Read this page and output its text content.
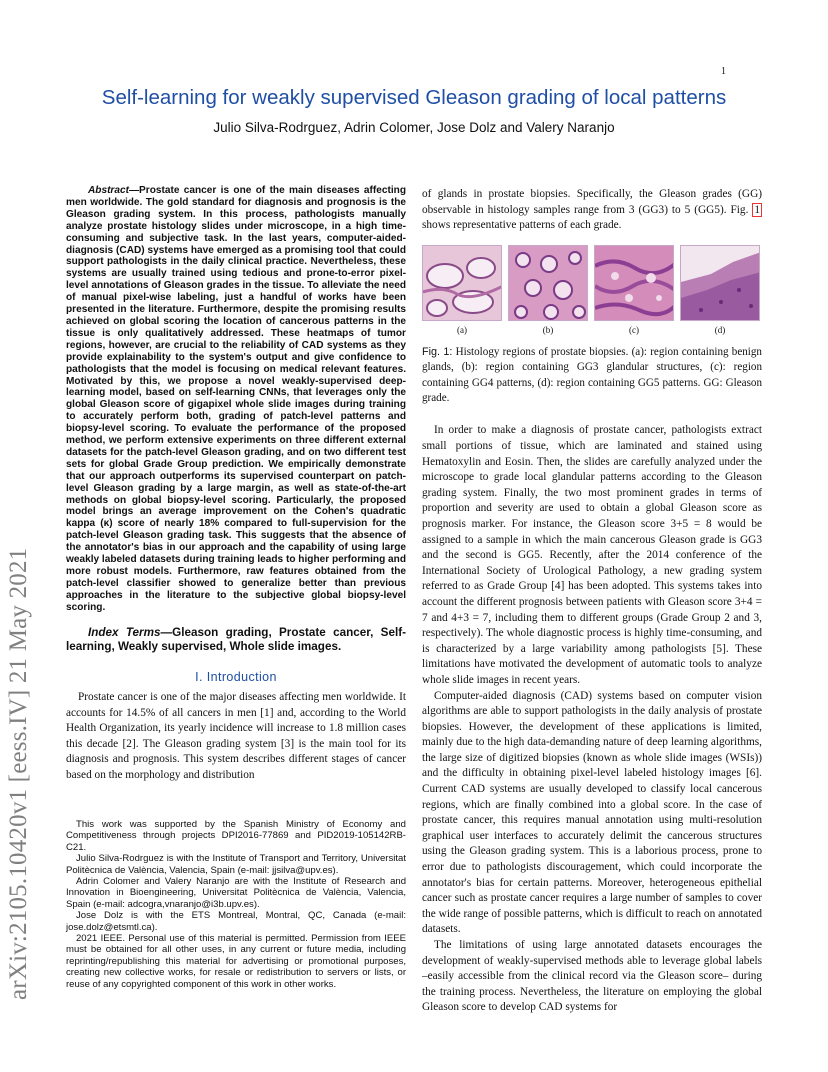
1
Self-learning for weakly supervised Gleason grading of local patterns
Julio Silva-Rodrguez, Adrin Colomer, Jose Dolz and Valery Naranjo
arXiv:2105.10420v1 [eess.IV] 21 May 2021

Abstract—Prostate cancer is one of the main diseases affecting men worldwide. The gold standard for diagnosis and prognosis is the Gleason grading system. In this process, pathologists manually analyze prostate histology slides under microscope, in a high time-consuming and subjective task. In the last years, computer-aided-diagnosis (CAD) systems have emerged as a promising tool that could support pathologists in the daily clinical practice. Nevertheless, these systems are usually trained using tedious and prone-to-error pixel-level annotations of Gleason grades in the tissue. To alleviate the need of manual pixel-wise labeling, just a handful of works have been presented in the literature. Furthermore, despite the promising results achieved on global scoring the location of cancerous patterns in the tissue is only qualitatively addressed. These heatmaps of tumor regions, however, are crucial to the reliability of CAD systems as they provide explainability to the system's output and give confidence to pathologists that the model is focusing on medical relevant features. Motivated by this, we propose a novel weakly-supervised deep-learning model, based on self-learning CNNs, that leverages only the global Gleason score of gigapixel whole slide images during training to accurately perform both, grading of patch-level patterns and biopsy-level scoring. To evaluate the performance of the proposed method, we perform extensive experiments on three different external datasets for the patch-level Gleason grading, and on two different test sets for global Grade Group prediction. We empirically demonstrate that our approach outperforms its supervised counterpart on patch-level Gleason grading by a large margin, as well as state-of-the-art methods on global biopsy-level scoring. Particularly, the proposed model brings an average improvement on the Cohen's quadratic kappa (κ) score of nearly 18% compared to full-supervision for the patch-level Gleason grading task. This suggests that the absence of the annotator's bias in our approach and the capability of using large weakly labeled datasets during training leads to higher performing and more robust models. Furthermore, raw features obtained from the patch-level classifier showed to generalize better than previous approaches in the literature to the subjective global biopsy-level scoring.

Index Terms—Gleason grading, Prostate cancer, Self-learning, Weakly supervised, Whole slide images.

I. Introduction

Prostate cancer is one of the major diseases affecting men worldwide. It accounts for 14.5% of all cancers in men [1] and, according to the World Health Organization, its yearly incidence will increase to 1.8 million cases this decade [2]. The Gleason grading system [3] is the main tool for its diagnosis and prognosis. This system describes different stages of cancer based on the morphology and distribution

This work was supported by the Spanish Ministry of Economy and Competitiveness through projects DPI2016-77869 and PID2019-105142RB-C21.

Julio Silva-Rodrguez is with the Institute of Transport and Territory, Universitat Politècnica de València, Valencia, Spain (e-mail: jjsilva@upv.es).

Adrin Colomer and Valery Naranjo are with the Institute of Research and Innovation in Bioengineering, Universitat Politècnica de València, Valencia, Spain (e-mail: adcogra,vnaranjo@i3b.upv.es).

Jose Dolz is with the ETS Montreal, Montral, QC, Canada (e-mail: jose.dolz@etsmtl.ca).

2021 IEEE. Personal use of this material is permitted. Permission from IEEE must be obtained for all other uses, in any current or future media, including reprinting/republishing this material for advertising or promotional purposes, creating new collective works, for resale or redistribution to servers or lists, or reuse of any copyrighted component of this work in other works.

of glands in prostate biopsies. Specifically, the Gleason grades (GG) observable in histology samples range from 3 (GG3) to 5 (GG5). Fig. 1 shows representative patterns of each grade.

(a)	(b)	(c)	(d)

Fig. 1: Histology regions of prostate biopsies. (a): region containing benign glands, (b): region containing GG3 glandular structures, (c): region containing GG4 patterns, (d): region containing GG5 patterns. GG: Gleason grade.

In order to make a diagnosis of prostate cancer, pathologists extract small portions of tissue, which are laminated and stained using Hematoxylin and Eosin. Then, the slides are carefully analyzed under the microscope to grade local glandular patterns according to the Gleason grading system. Finally, the two most prominent grades in terms of proportion and severity are used to obtain a global Gleason score as prognosis marker. For instance, the Gleason score 3+5 = 8 would be assigned to a sample in which the main cancerous Gleason grade is GG3 and the second is GG5. Recently, after the 2014 conference of the International Society of Urological Pathology, a new grading system referred to as Grade Group [4] has been adopted. This systems takes into account the different prognosis between patients with Gleason score 3+4 = 7 and 4+3 = 7, including them to different groups (Grade Group 2 and 3, respectively). The whole diagnostic process is highly time-consuming, and is characterized by a large variability among pathologists [5]. These limitations have motivated the development of automatic tools to analyze whole slide images in recent years.

Computer-aided diagnosis (CAD) systems based on computer vision algorithms are able to support pathologists in the daily analysis of prostate biopsies. However, the development of these applications is limited, mainly due to the high data-demanding nature of deep learning algorithms, the large size of digitized biopsies (known as whole slide images (WSIs)) and the difficulty in obtaining pixel-level labeled histology images [6]. Current CAD systems are usually developed to classify local cancerous regions, which are finally combined into a global score. In the case of prostate cancer, this requires manual annotation using multi-resolution graphical user interfaces to accurately delimit the cancerous structures using the Gleason grading system. This is a laborious process, prone to error due to pathologists discouragement, which could incorporate the annotator's bias for certain patterns. Moreover, heterogeneous epithelial cancer such as prostate cancer requires a large number of samples to cover the wide range of possible patterns, which is difficult to reach on annotated datasets.

The limitations of using large annotated datasets encourages the development of weakly-supervised methods able to leverage global labels –easily accessible from the clinical record via the Gleason score– during the training process. Nevertheless, the literature on employing the global Gleason score to develop CAD systems for
